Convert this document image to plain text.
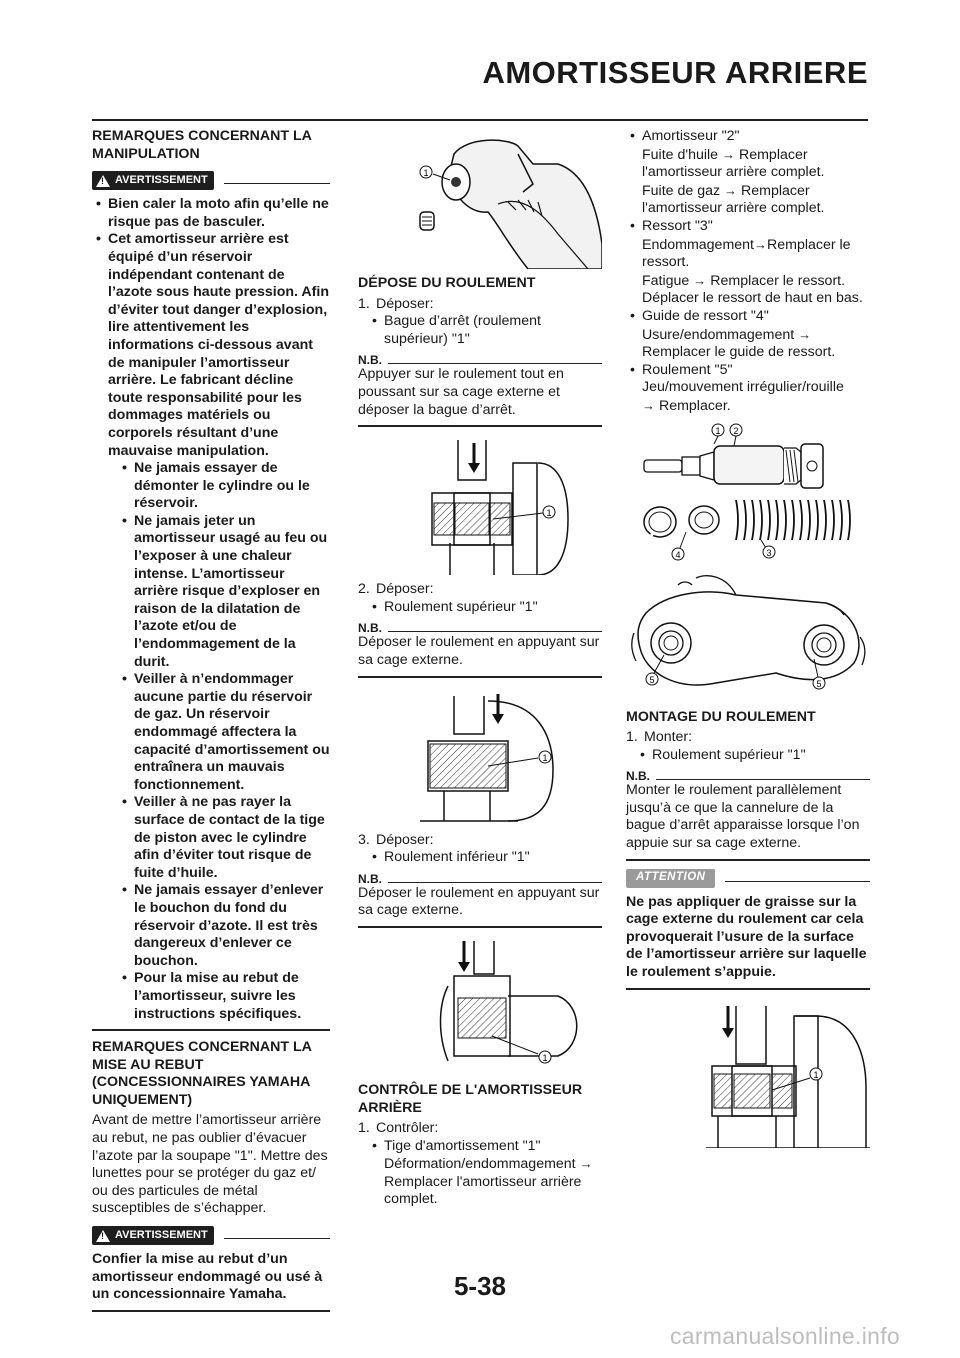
AMORTISSEUR ARRIERE

REMARQUES CONCERNANT LA MANIPULATION

! AVERTISSEMENT
• Bien caler la moto afin qu’elle ne risque pas de basculer.
• Cet amortisseur arrière est équipé d’un réservoir indépendant contenant de l’azote sous haute pression. Afin d’éviter tout danger d’explosion, lire attentivement les informations ci-dessous avant de manipuler l’amortisseur arrière. Le fabricant décline toute responsabilité pour les dommages matériels ou corporels résultant d’une mauvaise manipulation.
• Ne jamais essayer de démonter le cylindre ou le réservoir.
• Ne jamais jeter un amortisseur usagé au feu ou l’exposer à une chaleur intense. L’amortisseur arrière risque d’exploser en raison de la dilatation de l’azote et/ou de l’endommagement de la durit.
• Veiller à n’endommager aucune partie du réservoir de gaz. Un réservoir endommagé affectera la capacité d’amortissement ou entraînera un mauvais fonctionnement.
• Veiller à ne pas rayer la surface de contact de la tige de piston avec le cylindre afin d’éviter tout risque de fuite d’huile.
• Ne jamais essayer d’enlever le bouchon du fond du réservoir d’azote. Il est très dangereux d’enlever ce bouchon.
• Pour la mise au rebut de l’amortisseur, suivre les instructions spécifiques.

REMARQUES CONCERNANT LA MISE AU REBUT (CONCESSIONNAIRES YAMAHA UNIQUEMENT)

Avant de mettre l’amortisseur arrière au rebut, ne pas oublier d’évacuer l’azote par la soupape "1". Mettre des lunettes pour se protéger du gaz et/ ou des particules de métal susceptibles de s’échapper.

! AVERTISSEMENT

Confier la mise au rebut d’un amortisseur endommagé ou usé à un concessionnaire Yamaha.

1

DÉPOSE DU ROULEMENT

1. Déposer:
• Bague d’arrêt (roulement supérieur) "1"
N.B.

Appuyer sur le roulement tout en poussant sur sa cage externe et déposer la bague d’arrêt.

1
2. Déposer:
• Roulement supérieur "1"
N.B.

Déposer le roulement en appuyant sur sa cage externe.

1
3. Déposer:
• Roulement inférieur "1"
N.B.

Déposer le roulement en appuyant sur sa cage externe.

1

CONTRÔLE DE L'AMORTISSEUR ARRIÈRE

1. Contrôler:
• Tige d'amortissement "1"
Déformation/endommagement →
Remplacer l'amortisseur arrière complet.
• Amortisseur "2"
Fuite d'huile → Remplacer l'amortisseur arrière complet.
Fuite de gaz → Remplacer l'amortisseur arrière complet.
• Ressort "3"
Endommagement→Remplacer le ressort.
Fatigue → Remplacer le ressort.
Déplacer le ressort de haut en bas.
• Guide de ressort "4"
Usure/endommagement → Remplacer le guide de ressort.
• Roulement "5"
Jeu/mouvement irrégulier/rouille
→ Remplacer.
1 2
4	3
5	5

MONTAGE DU ROULEMENT

1. Monter:
• Roulement supérieur "1"
N.B.

Monter le roulement parallèlement jusqu’à ce que la cannelure de la bague d’arrêt apparaisse lorsque l’on appuie sur sa cage externe.

ATTENTION

Ne pas appliquer de graisse sur la cage externe du roulement car cela provoquerait l’usure de la surface de l’amortisseur arrière sur laquelle le roulement s’appuie.

1

5-38

carmanualsonline.info
